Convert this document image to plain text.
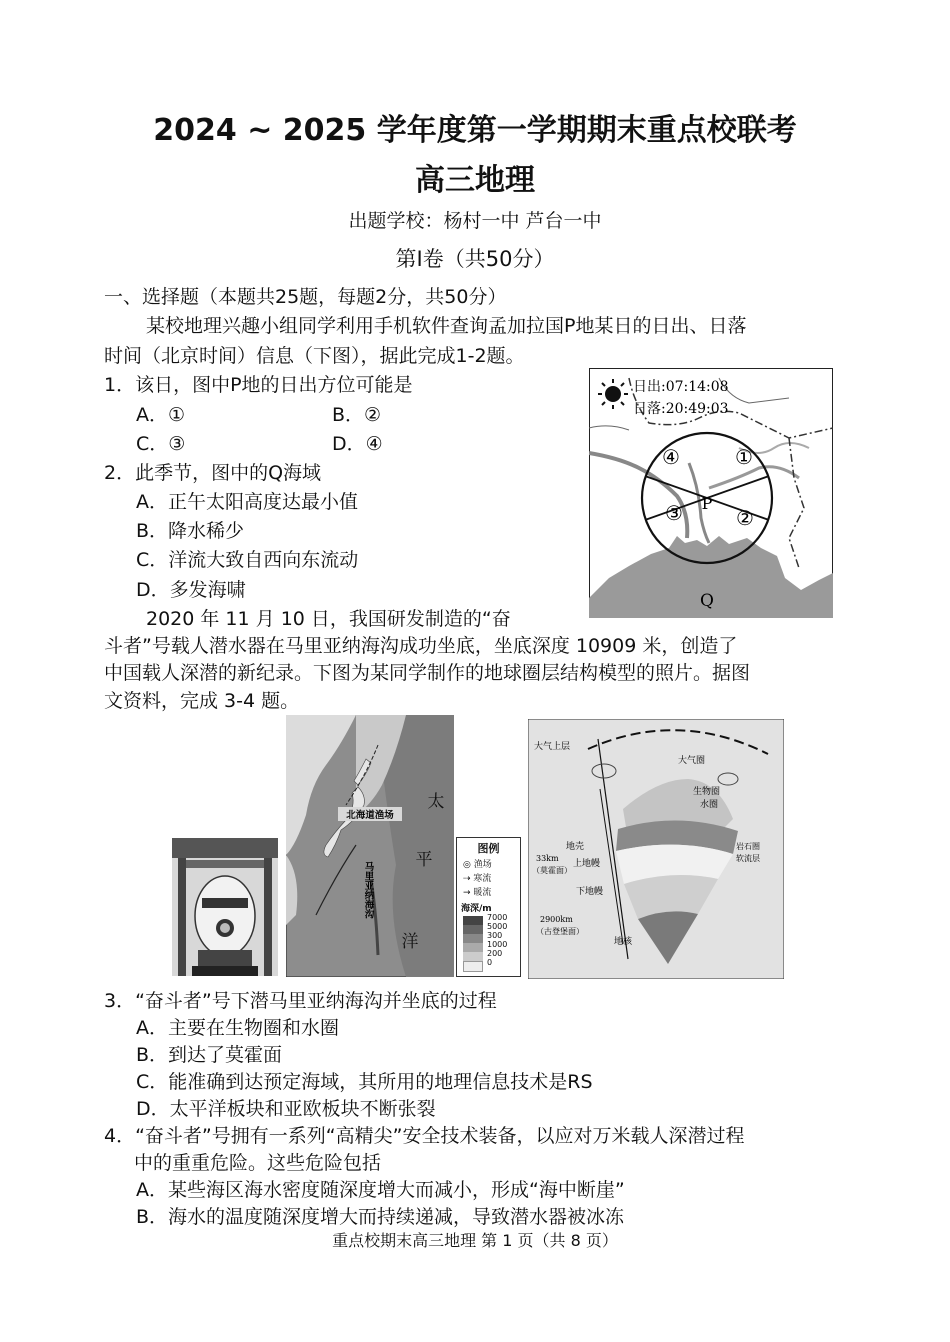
2024 ~ 2025 学年度第一学期期末重点校联考
高三地理
出题学校：杨村一中 芦台一中
第Ⅰ卷（共50分）
一、选择题（本题共25题，每题2分，共50分）
某校地理兴趣小组同学利用手机软件查询孟加拉国P地某日的日出、日落
时间（北京时间）信息（下图），据此完成1-2题。
1．该日，图中P地的日出方位可能是
A．①	B．②
C．③	D．④
2．此季节，图中的Q海域
A．正午太阳高度达最小值
B．降水稀少
C．洋流大致自西向东流动
D．多发海啸
日出:07:14:08
日落:20:49:03
④	①
③	②
P
Q
2020 年 11 月 10 日，我国研发制造的“奋
斗者”号载人潜水器在马里亚纳海沟成功坐底，坐底深度 10909 米，创造了
中国载人深潜的新纪录。下图为某同学制作的地球圈层结构模型的照片。据图
文资料，完成 3-4 题。
太
平
洋
北海道渔场
马里亚纳海沟
图例
◎ 渔场
⇢ 寒流
→ 暖流
海深/m
7000
5000
300
1000
200
0
大气上层
大气圈
生物圈
水圈
岩石圈
软流层
地壳
33km
（莫霍面）
上地幔
下地幔
2900km
（古登堡面）
地核
3．“奋斗者”号下潜马里亚纳海沟并坐底的过程
A．主要在生物圈和水圈
B．到达了莫霍面
C．能准确到达预定海域，其所用的地理信息技术是RS
D．太平洋板块和亚欧板块不断张裂
4．“奋斗者”号拥有一系列“高精尖”安全技术装备，以应对万米载人深潜过程
中的重重危险。这些危险包括
A．某些海区海水密度随深度增大而减小，形成“海中断崖”
B．海水的温度随深度增大而持续递减，导致潜水器被冰冻
重点校期末高三地理 第 1 页（共 8 页）
